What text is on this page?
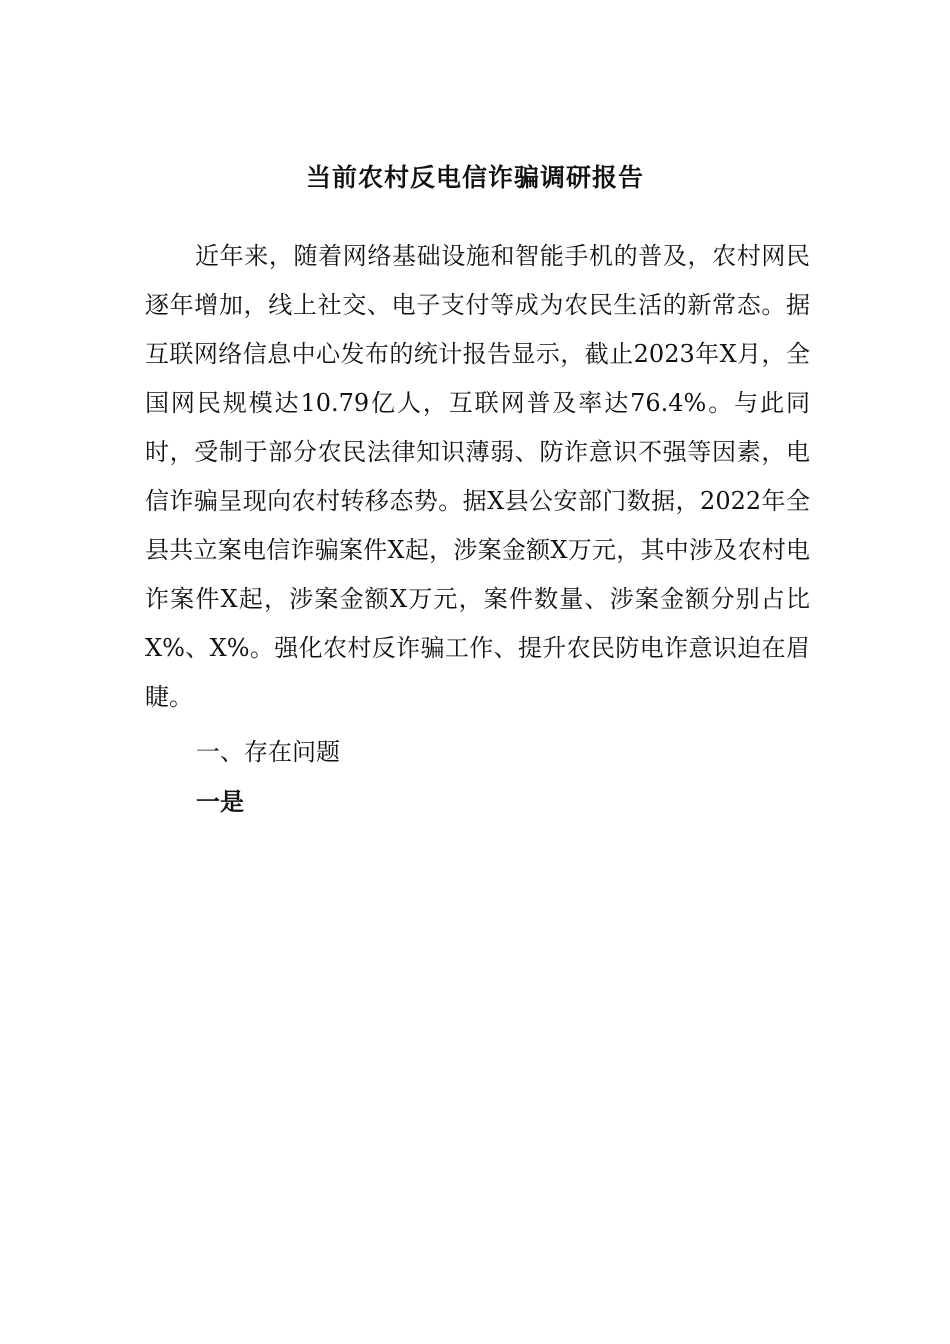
当前农村反电信诈骗调研报告

近年来，随着网络基础设施和智能手机的普及，农村网民逐年增加，线上社交、电子支付等成为农民生活的新常态。据互联网络信息中心发布的统计报告显示，截止2023年X月，全国网民规模达10.79亿人，互联网普及率达76.4%。与此同时，受制于部分农民法律知识薄弱、防诈意识不强等因素，电信诈骗呈现向农村转移态势。据X县公安部门数据，2022年全县共立案电信诈骗案件X起，涉案金额X万元，其中涉及农村电诈案件X起，涉案金额X万元，案件数量、涉案金额分别占比X%、X%。强化农村反诈骗工作、提升农民防电诈意识迫在眉睫。

一、存在问题
一是
